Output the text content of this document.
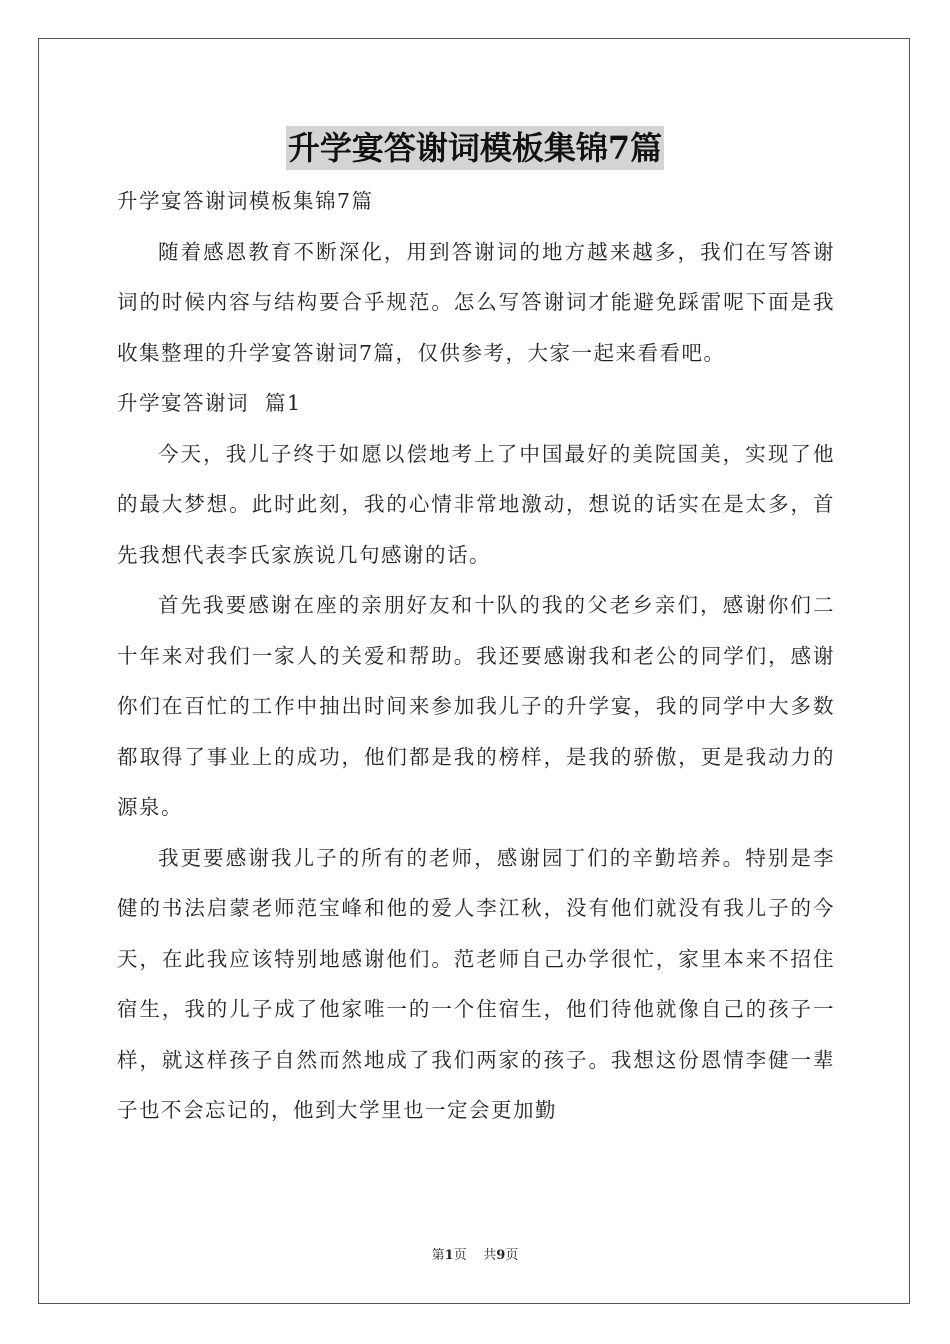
升学宴答谢词模板集锦7篇

升学宴答谢词模板集锦7篇

随着感恩教育不断深化，用到答谢词的地方越来越多，我们在写答谢词的时候内容与结构要合乎规范。怎么写答谢词才能避免踩雷呢下面是我收集整理的升学宴答谢词7篇，仅供参考，大家一起来看看吧。

升学宴答谢词  篇1

今天，我儿子终于如愿以偿地考上了中国最好的美院国美，实现了他的最大梦想。此时此刻，我的心情非常地激动，想说的话实在是太多，首先我想代表李氏家族说几句感谢的话。

首先我要感谢在座的亲朋好友和十队的我的父老乡亲们，感谢你们二十年来对我们一家人的关爱和帮助。我还要感谢我和老公的同学们，感谢你们在百忙的工作中抽出时间来参加我儿子的升学宴，我的同学中大多数都取得了事业上的成功，他们都是我的榜样，是我的骄傲，更是我动力的源泉。

我更要感谢我儿子的所有的老师，感谢园丁们的辛勤培养。特别是李健的书法启蒙老师范宝峰和他的爱人李江秋，没有他们就没有我儿子的今天，在此我应该特别地感谢他们。范老师自己办学很忙，家里本来不招住宿生，我的儿子成了他家唯一的一个住宿生，他们待他就像自己的孩子一样，就这样孩子自然而然地成了我们两家的孩子。我想这份恩情李健一辈子也不会忘记的，他到大学里也一定会更加勤

第1页 共9页
